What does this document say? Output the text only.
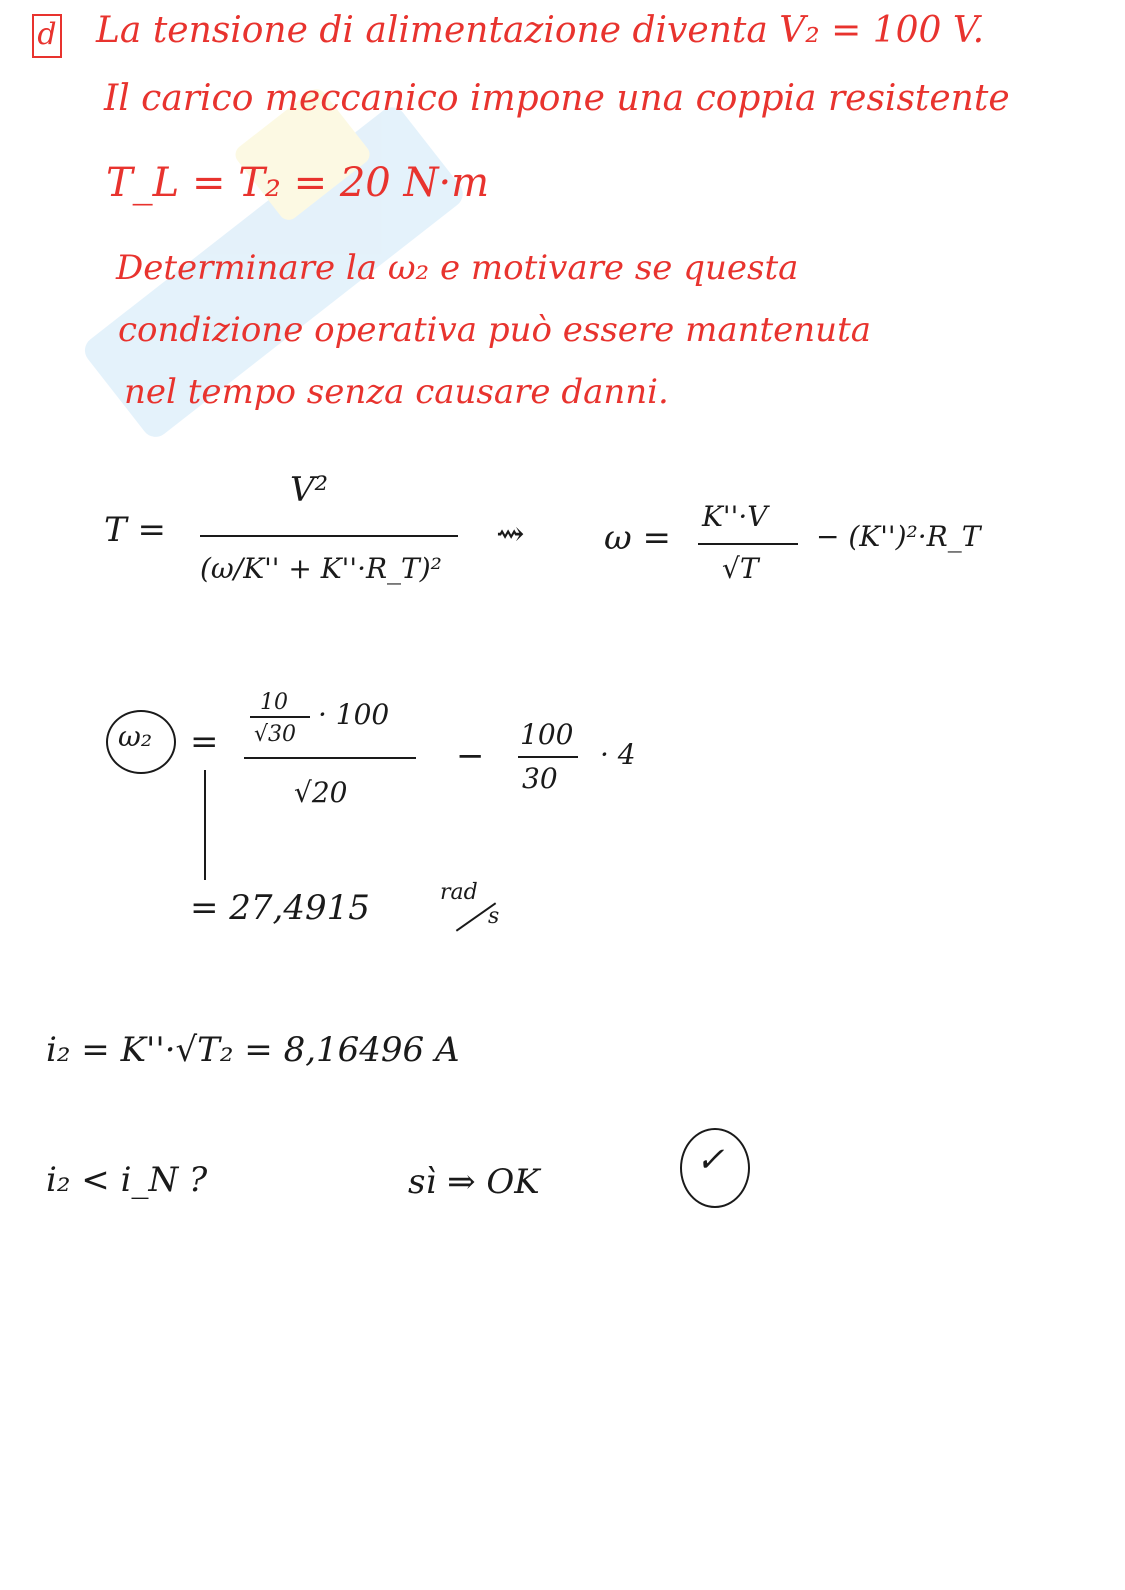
d La tensione di alimentazione diventa V₂ = 100 V.
Il carico meccanico impone una coppia resistente
T_L = T₂ = 20 N·m
Determinare la ω₂ e motivare se questa
condizione operativa può essere mantenuta
nel tempo senza causare danni.
T =
V²
(ω/K'' + K''·R_T)²
⇝ ω =
K''·V
√T
− (K'')²·R_T
ω₂ =
10
√30
· 100
√20
−
100
30
· 4
= 27,4915	rad
s
i₂ = K''·√T₂ = 8,16496 A
i₂ < i_N ?	sì ⇒ OK
✓
